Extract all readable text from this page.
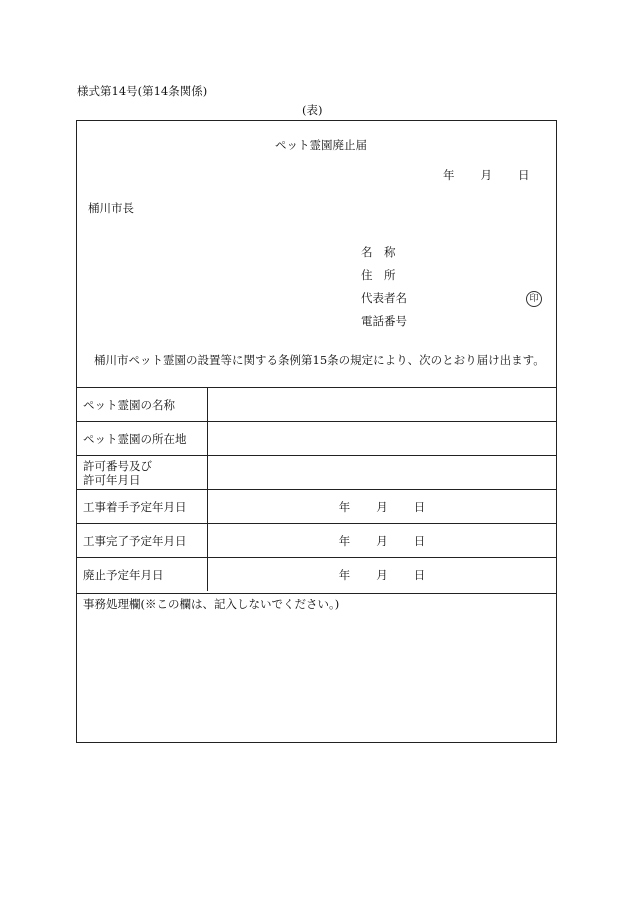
様式第14号(第14条関係)
(表)
ペット霊園廃止届
年 月 日
桶川市長
名　称
住　所
代表者名	印
電話番号
桶川市ペット霊園の設置等に関する条例第15条の規定により、次のとおり届け出ます。
ペット霊園の名称	

ペット霊園の所在地	

許可番号及び
許可年月日	

工事着手予定年月日	年 月 日
工事完了予定年月日	年 月 日
廃止予定年月日	年 月 日
事務処理欄(※この欄は、記入しないでください。)
